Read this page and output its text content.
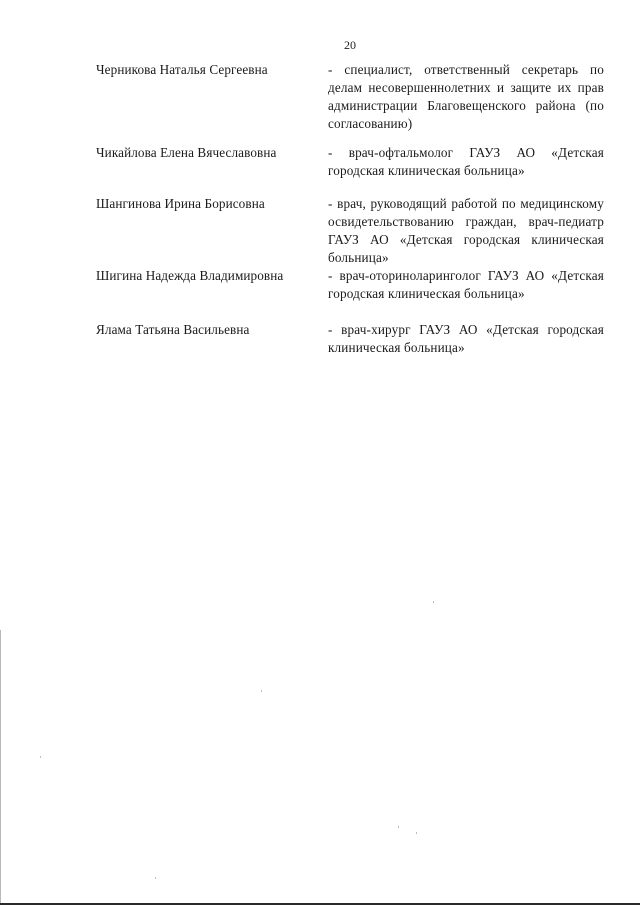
20
Черникова Наталья Сергеевна	- специалист, ответственный секретарь по делам несовершеннолетних и защите их прав администрации Благовещенского района (по согласованию)
Чикайлова Елена Вячеславовна	- врач-офтальмолог ГАУЗ АО «Детская городская клиническая больница»
Шангинова Ирина Борисовна	- врач, руководящий работой по медицинскому освидетельствованию граждан, врач-педиатр ГАУЗ АО «Детская городская клиническая больница»
Шигина Надежда Владимировна	- врач-оториноларинголог ГАУЗ АО «Детская городская клиническая больница»
Ялама Татьяна Васильевна	- врач-хирург ГАУЗ АО «Детская городская клиническая больница»
